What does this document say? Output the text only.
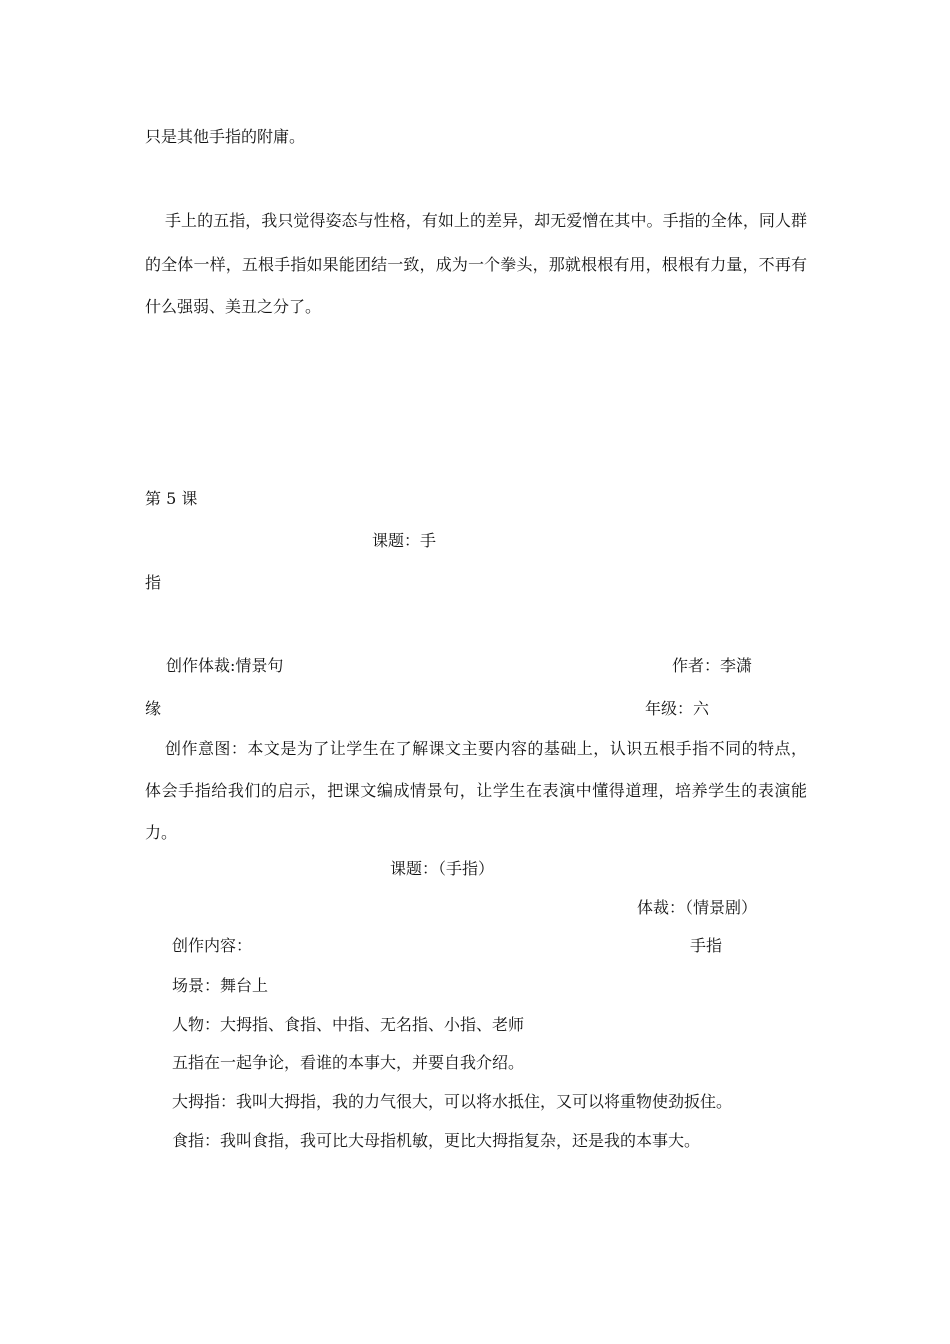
只是其他手指的附庸。
手上的五指，我只觉得姿态与性格，有如上的差异，却无爱憎在其中。手指的全体，同人群
的全体一样，五根手指如果能团结一致，成为一个拳头，那就根根有用，根根有力量，不再有
什么强弱、美丑之分了。
第 5 课
课题：手
指
创作体裁:情景句	作者：李潇
缘	年级：六
创作意图：本文是为了让学生在了解课文主要内容的基础上，认识五根手指不同的特点，
体会手指给我们的启示，把课文编成情景句，让学生在表演中懂得道理，培养学生的表演能
力。
课题：（手指）
体裁：（情景剧）
创作内容：	手指
场景：舞台上
人物：大拇指、食指、中指、无名指、小指、老师
五指在一起争论，看谁的本事大，并要自我介绍。
大拇指：我叫大拇指，我的力气很大，可以将水抵住，又可以将重物使劲扳住。
食指：我叫食指，我可比大母指机敏，更比大拇指复杂，还是我的本事大。
